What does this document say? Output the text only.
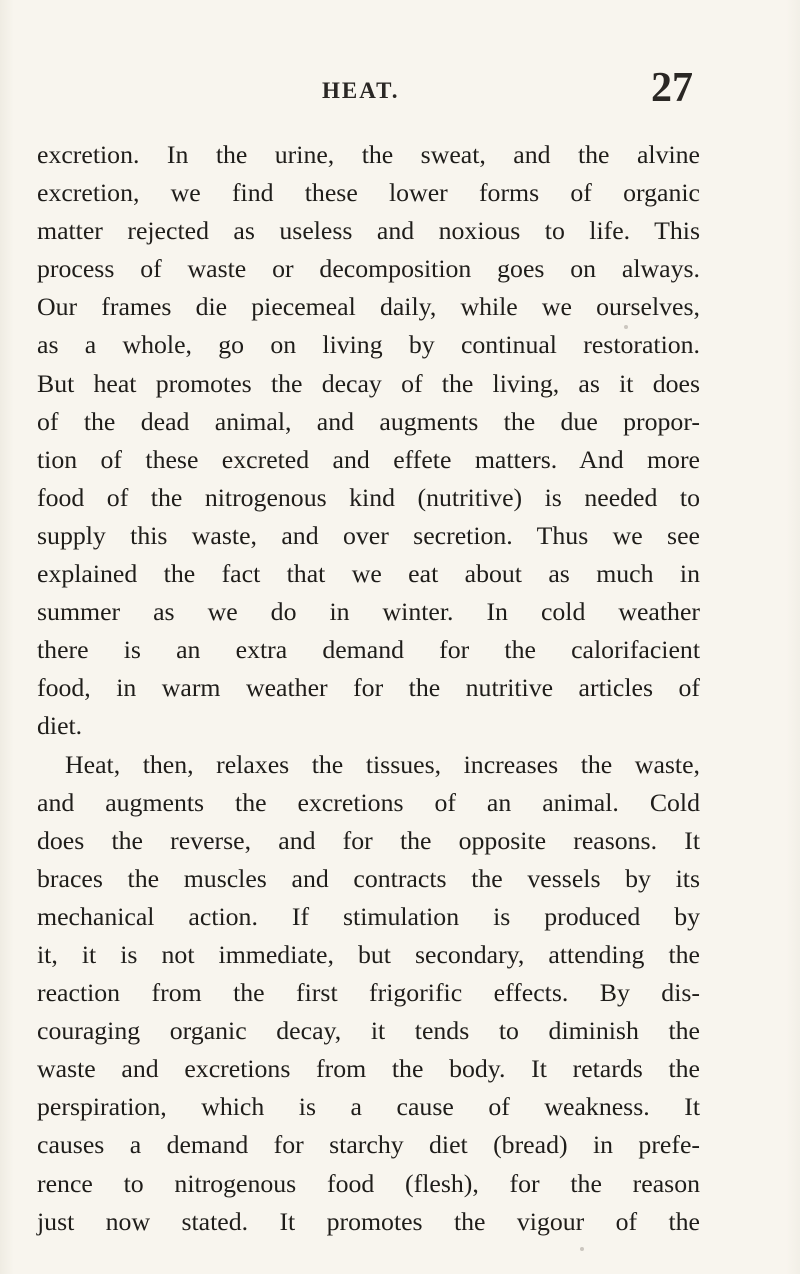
HEAT.	27
excretion. In the urine, the sweat, and the alvine
excretion, we find these lower forms of organic
matter rejected as useless and noxious to life. This
process of waste or decomposition goes on always.
Our frames die piecemeal daily, while we ourselves,
as a whole, go on living by continual restoration.
But heat promotes the decay of the living, as it does
of the dead animal, and augments the due propor-
tion of these excreted and effete matters. And more
food of the nitrogenous kind (nutritive) is needed to
supply this waste, and over secretion. Thus we see
explained the fact that we eat about as much in
summer as we do in winter. In cold weather
there is an extra demand for the calorifacient
food, in warm weather for the nutritive articles of
diet.
Heat, then, relaxes the tissues, increases the waste,
and augments the excretions of an animal. Cold
does the reverse, and for the opposite reasons. It
braces the muscles and contracts the vessels by its
mechanical action. If stimulation is produced by
it, it is not immediate, but secondary, attending the
reaction from the first frigorific effects. By dis-
couraging organic decay, it tends to diminish the
waste and excretions from the body. It retards the
perspiration, which is a cause of weakness. It
causes a demand for starchy diet (bread) in prefe-
rence to nitrogenous food (flesh), for the reason
just now stated. It promotes the vigour of the
